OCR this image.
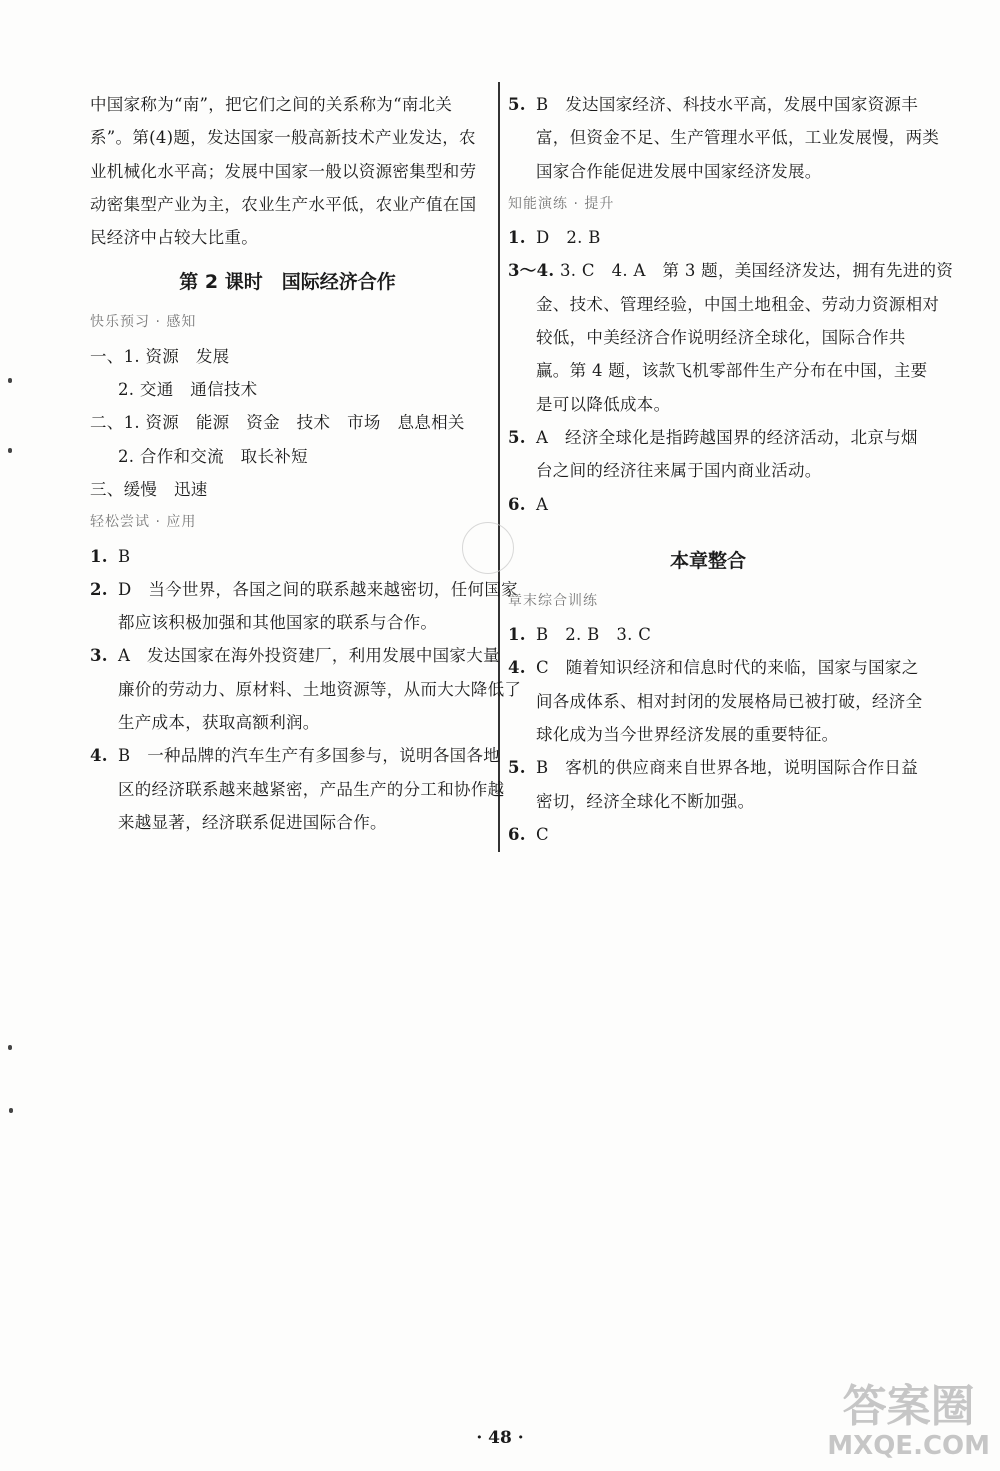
中国家称为“南”，把它们之间的关系称为“南北关
系”。第(4)题，发达国家一般高新技术产业发达，农
业机械化水平高；发展中国家一般以资源密集型和劳
动密集型产业为主，农业生产水平低，农业产值在国
民经济中占较大比重。
第 2 课时　国际经济合作
快乐预习 · 感知
一、1. 资源　发展
2. 交通　通信技术
二、1. 资源　能源　资金　技术　市场　息息相关
2. 合作和交流　取长补短
三、缓慢　迅速
轻松尝试 · 应用
1. B
2. D　当今世界，各国之间的联系越来越密切，任何国家
都应该积极加强和其他国家的联系与合作。
3. A　发达国家在海外投资建厂，利用发展中国家大量
廉价的劳动力、原材料、土地资源等，从而大大降低了
生产成本，获取高额利润。
4. B　一种品牌的汽车生产有多国参与，说明各国各地
区的经济联系越来越紧密，产品生产的分工和协作越
来越显著，经济联系促进国际合作。
5. B　发达国家经济、科技水平高，发展中国家资源丰
富，但资金不足、生产管理水平低，工业发展慢，两类
国家合作能促进发展中国家经济发展。
知能演练 · 提升
1. D　2. B
3～4. 3. C　4. A　第 3 题，美国经济发达，拥有先进的资
金、技术、管理经验，中国土地租金、劳动力资源相对
较低，中美经济合作说明经济全球化，国际合作共
赢。第 4 题，该款飞机零部件生产分布在中国，主要
是可以降低成本。
5. A　经济全球化是指跨越国界的经济活动，北京与烟
台之间的经济往来属于国内商业活动。
6. A
本章整合
章末综合训练
1. B　2. B　3. C
4. C　随着知识经济和信息时代的来临，国家与国家之
间各成体系、相对封闭的发展格局已被打破，经济全
球化成为当今世界经济发展的重要特征。
5. B　客机的供应商来自世界各地，说明国际合作日益
密切，经济全球化不断加强。
6. C
· 48 ·
答案圈
MXQE.COM
